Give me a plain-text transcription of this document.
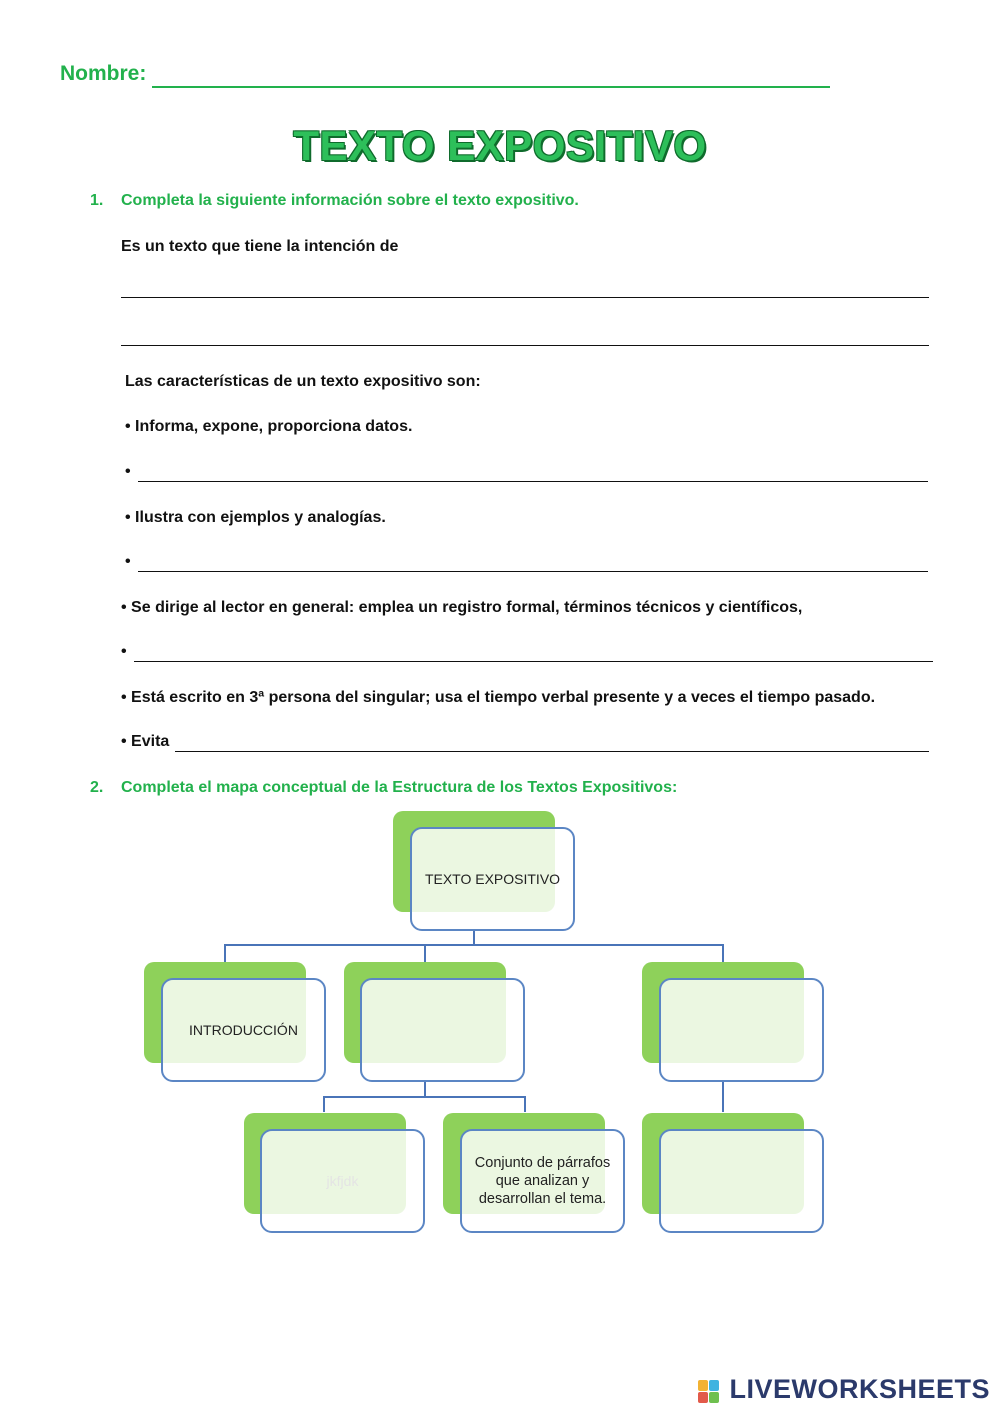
Nombre:
TEXTO EXPOSITIVO
1.	Completa la siguiente información sobre el texto expositivo.
Es un texto que tiene la intención de
Las características de un texto expositivo son:
• Informa, expone, proporciona datos.
•
• Ilustra con ejemplos y analogías.
•
• Se dirige al lector en general: emplea un registro formal, términos técnicos y científicos,
•
• Está escrito en 3ª persona del singular; usa el tiempo verbal presente y a veces el tiempo pasado.
• Evita
2.	Completa el mapa conceptual de la Estructura de los Textos Expositivos:
TEXTO EXPOSITIVO
INTRODUCCIÓN
jkfjdk
Conjunto de párrafos que analizan y desarrollan el tema.
LIVEWORKSHEETS
